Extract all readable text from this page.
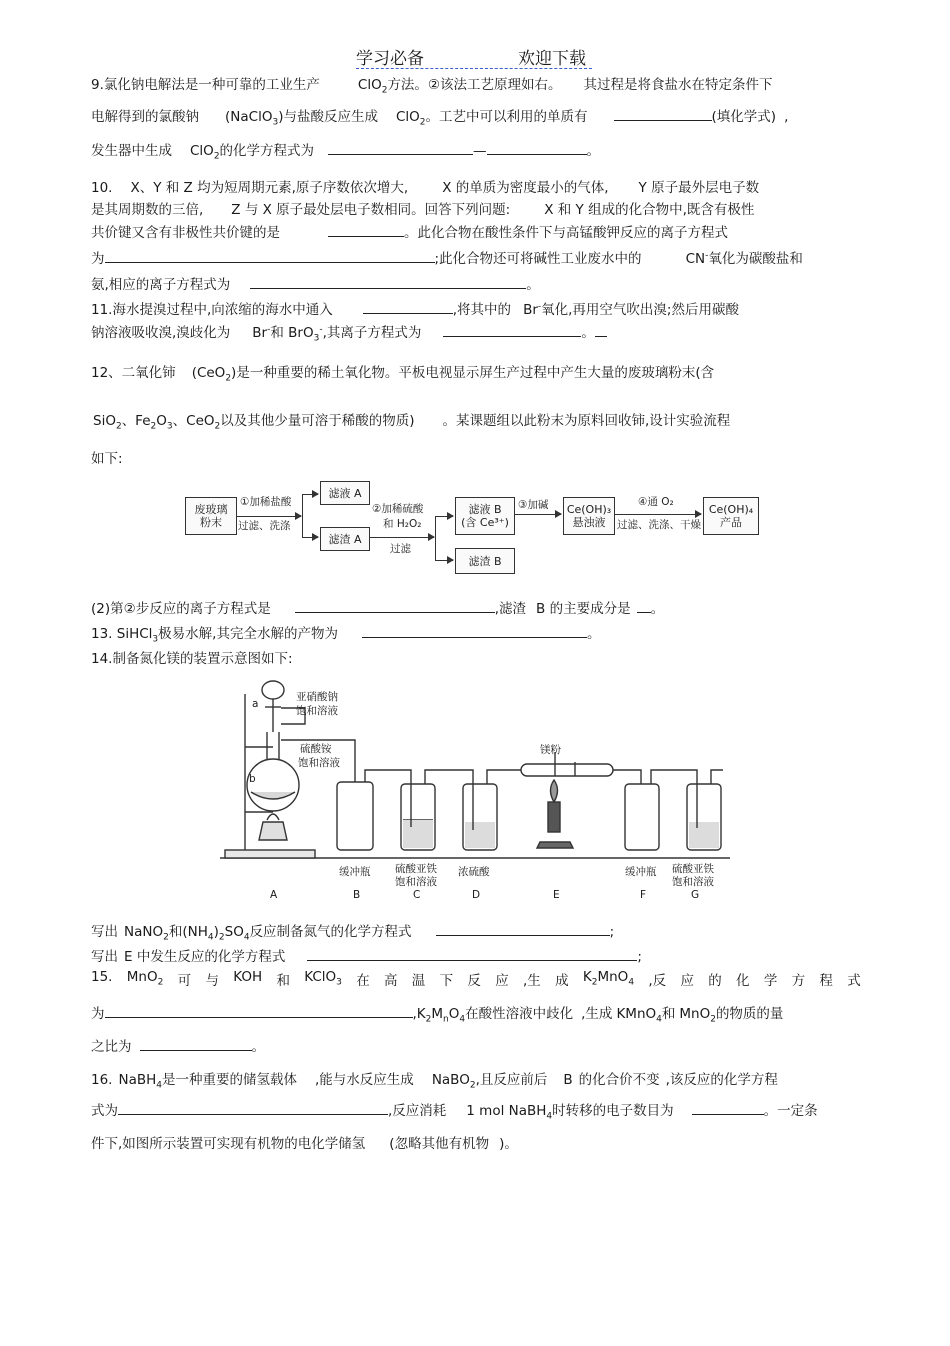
学习必备	欢迎下载
9.氯化钠电解法是一种可靠的工业生产	ClO$_2$方法。②该法工艺原理如右。 其过程是将食盐水在特定条件下
电解得到的氯酸钠 (NaClO$_3$)与盐酸反应生成 ClO$_2$。工艺中可以利用的单质有	(填化学式) ,
发生器中生成 ClO$_2$的化学方程式为	—	。
10. X、Y 和 Z 均为短周期元素,原子序数依次增大,	X 的单质为密度最小的气体, Y 原子最外层电子数
是其周期数的三倍, Z 与 X 原子最处层电子数相同。回答下列问题:	X 和 Y 组成的化合物中,既含有极性
共价键又含有非极性共价键的是	。此化合物在酸性条件下与高锰酸钾反应的离子方程式
为	;此化合物还可将碱性工业废水中的	CN-氧化为碳酸盐和
氨,相应的离子方程式为	。
11.海水提溴过程中,向浓缩的海水中通入	,将其中的 Br-氧化,再用空气吹出溴;然后用碳酸
钠溶液吸收溴,溴歧化为 Br-和 BrO$_3$-,其离子方程式为	。
12、二氧化铈 (CeO$_2$)是一种重要的稀土氧化物。平板电视显示屏生产过程中产生大量的废玻璃粉末(含
SiO$_2$、$Fe_2O_3$、CeO$_2$以及其他少量可溶于稀酸的物质) 。某课题组以此粉末为原料回收铈,设计实验流程
如下:
废玻璃
粉末
①加稀盐酸
过滤、洗涤
滤液 A
滤渣 A
②加稀硫酸
和 H₂O₂
过滤
滤液 B
(含 Ce³⁺)
滤渣 B
③加碱 Ce(OH)₃
悬浊液
④通 O₂
过滤、洗涤、干燥
Ce(OH)₄
产品
(2)第②步反应的离子方程式是	,滤渣 B 的主要成分是 。
13. SiHCl$_3$极易水解,其完全水解的产物为	。
14.制备氮化镁的装置示意图如下:
亚硝酸钠
饱和溶液
a
b
硫酸铵
饱和溶液
镁粉
缓冲瓶 硫酸亚铁
饱和溶液
浓硫酸	缓冲瓶 硫酸亚铁
饱和溶液
A	B	C	D	E	F	G
写出 NaNO$_2$和$(NH_4)_2SO_4$反应制备氮气的化学方程式	;
写出 E 中发生反应的化学方程式	;
15. MnO$_2$ 可 与 KOH 和 KClO$_3$ 在 高 温 下 反 应 ,生 成 $K_2MnO_4$ ,反 应 的 化 学 方 程 式
为	$,K_2M_nO_4$在酸性溶液中歧化 ,生成 KMnO$_4$和 MnO$_2$的物质的量
之比为	。
16. NaBH$_4$是一种重要的储氢载体 ,能与水反应生成 NaBO$_2$,且反应前后 B 的化合价不变 ,该反应的化学方程
式为	,反应消耗 1 mol NaBH$_4$时转移的电子数目为	。一定条
件下,如图所示装置可实现有机物的电化学储氢 (忽略其他有机物 )。
